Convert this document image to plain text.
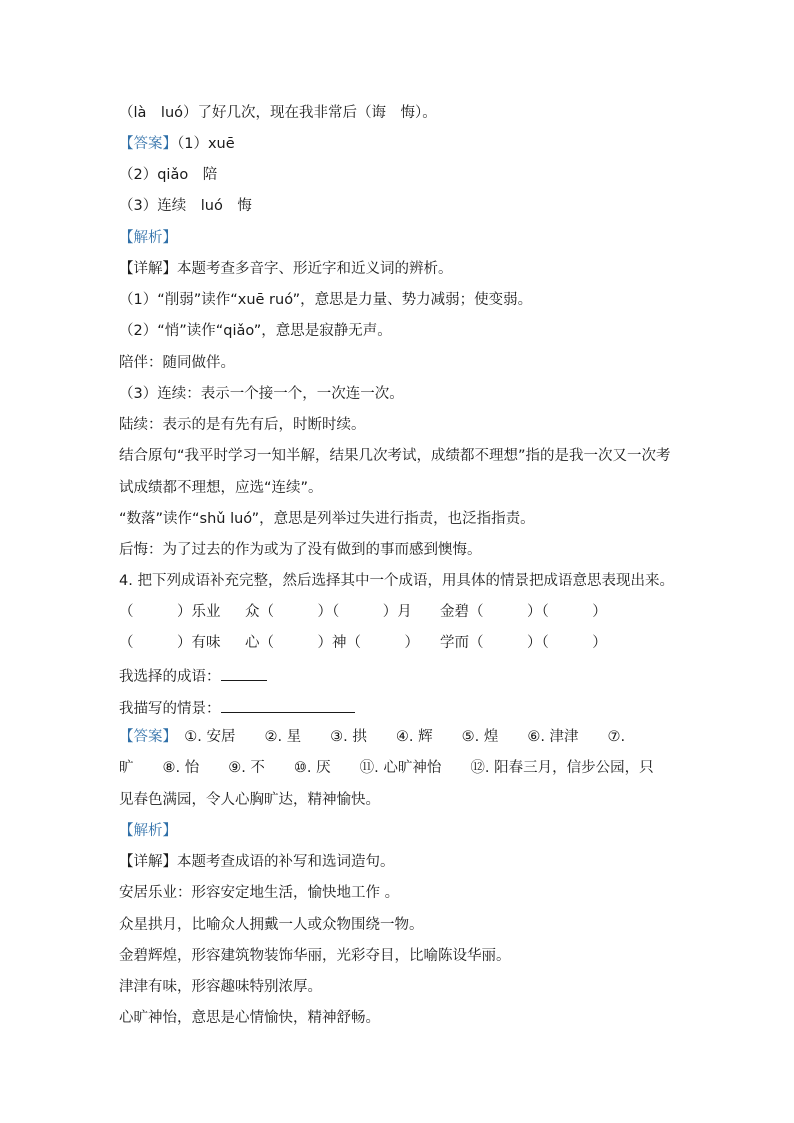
（là　luó）了好几次，现在我非常后（诲　悔）。
【答案】（1）xuē
（2）qiǎo　陪
（3）连续　luó　悔
【解析】
【详解】本题考查多音字、形近字和近义词的辨析。
（1）“削弱”读作“xuē ruó”，意思是力量、势力减弱；使变弱。
（2）“悄”读作“qiǎo”，意思是寂静无声。
陪伴：随同做伴。
（3）连续：表示一个接一个，一次连一次。
陆续：表示的是有先有后，时断时续。
结合原句“我平时学习一知半解，结果几次考试，成绩都不理想”指的是我一次又一次考
试成绩都不理想，应选“连续”。
“数落”读作“shǔ luó”，意思是列举过失进行指责，也泛指指责。
后悔：为了过去的作为或为了没有做到的事而感到懊悔。
4. 把下列成语补充完整，然后选择其中一个成语，用具体的情景把成语意思表现出来。
（　　　）乐业 众（　　　）（　　　）月 金碧（　　　）（　　　）
（　　　）有味 心（　　　）神（　　　） 学而（　　　）（　　　）
我选择的成语：
我描写的情景：
【答案】　①. 安居　　②. 星　　③. 拱　　④. 辉　　⑤. 煌　　⑥. 津津　　⑦.
旷　　⑧. 怡　　⑨. 不　　⑩. 厌　　⑪. 心旷神怡　　⑫. 阳春三月，信步公园，只
见春色满园，令人心胸旷达，精神愉快。
【解析】
【详解】本题考查成语的补写和选词造句。
安居乐业：形容安定地生活，愉快地工作 。
众星拱月，比喻众人拥戴一人或众物围绕一物。
金碧辉煌，形容建筑物装饰华丽，光彩夺目，比喻陈设华丽。
津津有味，形容趣味特别浓厚。
心旷神怡，意思是心情愉快，精神舒畅。
